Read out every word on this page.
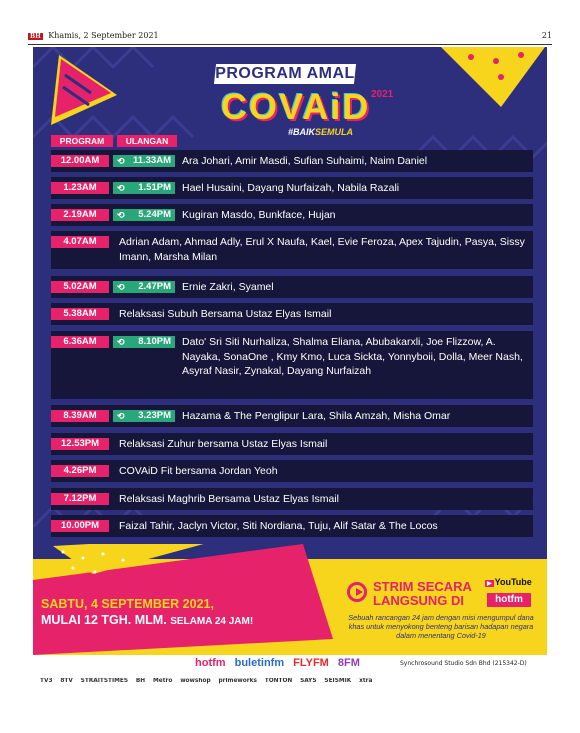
BH Khamis, 2 September 2021	21
PROGRAM AMAL
COVAiD 2021
#BAIKSEMULA
PROGRAM	ULANGAN
12.00AM	⟲ 11.33AM	Ara Johari, Amir Masdi, Sufian Suhaimi, Naim Daniel
1.23AM	⟲ 1.51PM	Hael Husaini, Dayang Nurfaizah, Nabila Razali
2.19AM	⟲ 5.24PM	Kugiran Masdo, Bunkface, Hujan
4.07AM	Adrian Adam, Ahmad Adly, Erul X Naufa, Kael, Evie Feroza, Apex Tajudin, Pasya, Sissy Imann, Marsha Milan
5.02AM	⟲ 2.47PM	Ernie Zakri, Syamel
5.38AM	Relaksasi Subuh Bersama Ustaz Elyas Ismail
6.36AM	⟲ 8.10PM	Dato' Sri Siti Nurhaliza, Shalma Eliana, Abubakarxli, Joe Flizzow, A. Nayaka, SonaOne , Kmy Kmo, Luca Sickta, Yonnyboii, Dolla, Meer Nash, Asyraf Nasir, Zynakal, Dayang Nurfaizah
8.39AM	⟲ 3.23PM	Hazama & The Penglipur Lara, Shila Amzah, Misha Omar
12.53PM	Relaksasi Zuhur bersama Ustaz Elyas Ismail
4.26PM	COVAiD Fit bersama Jordan Yeoh
7.12PM	Relaksasi Maghrib Bersama Ustaz Elyas Ismail
10.00PM	Faizal Tahir, Jaclyn Victor, Siti Nordiana, Tuju, Alif Satar & The Locos
SABTU, 4 SEPTEMBER 2021,
MULAI 12 TGH. MLM. SELAMA 24 JAM!
STRIM SECARA
LANGSUNG DI
▶ YouTube
hotfm
Sebuah rancangan 24 jam dengan misi mengumpul dana khas untuk menyokong benteng barisan hadapan negara dalam menentang Covid-19
hotfm buletinfm FLYFM 8FM	Synchrosound Studio Sdn Bhd (215342-D)
TV3 8TV STRAITSTIMES BH Metro wowshop primeworks TONTON SAYS SEISMIK xtra
